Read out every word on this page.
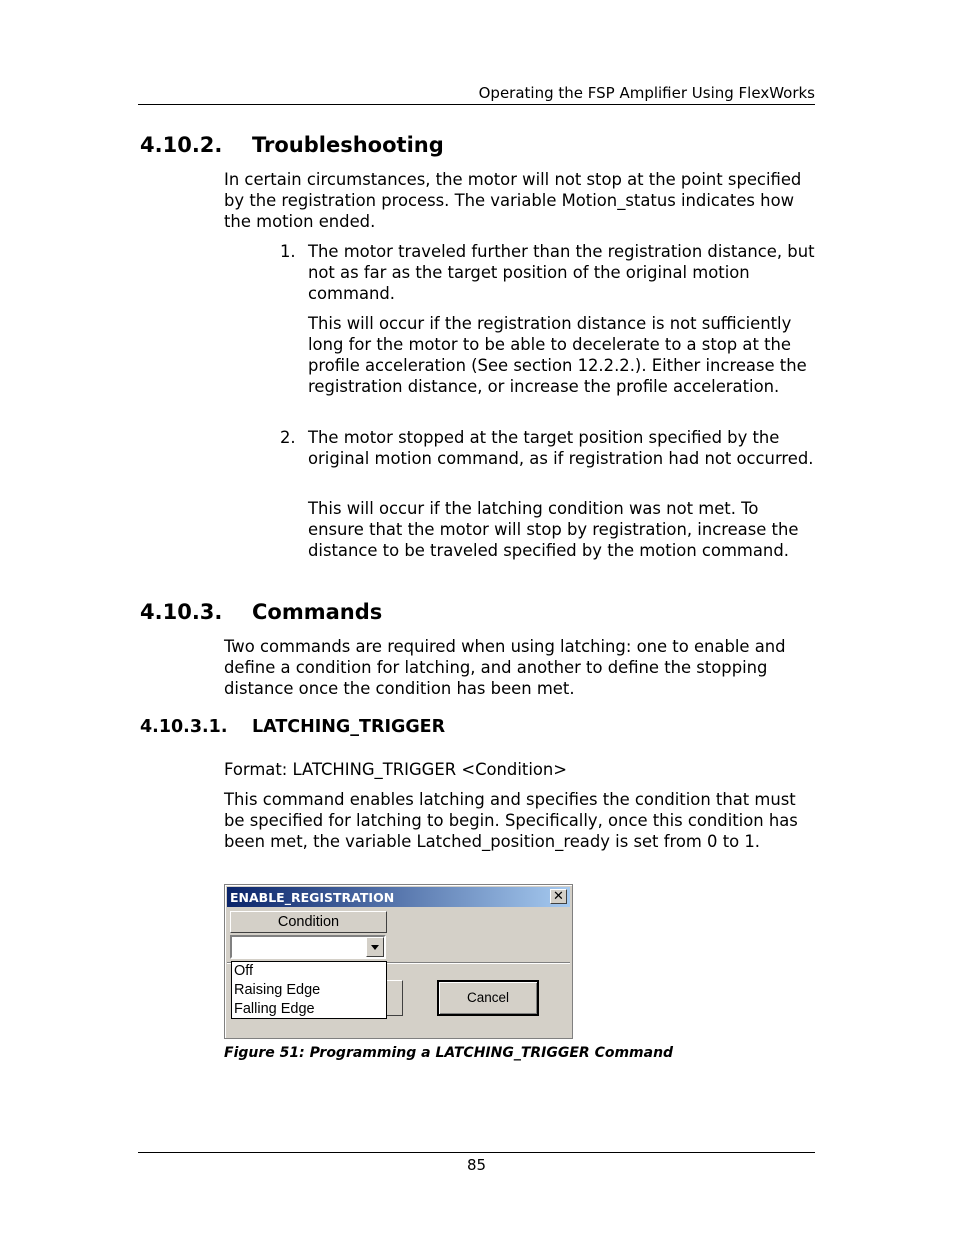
Operating the FSP Amplifier Using FlexWorks
4.10.2. Troubleshooting
In certain circumstances, the motor will not stop at the point specified by the registration process. The variable Motion_status indicates how the motion ended.
1. The motor traveled further than the registration distance, but not as far as the target position of the original motion command.
This will occur if the registration distance is not sufficiently long for the motor to be able to decelerate to a stop at the profile acceleration (See section 12.2.2.). Either increase the registration distance, or increase the profile acceleration.
2. The motor stopped at the target position specified by the original motion command, as if registration had not occurred.
This will occur if the latching condition was not met. To ensure that the motor will stop by registration, increase the distance to be traveled specified by the motion command.
4.10.3. Commands
Two commands are required when using latching: one to enable and define a condition for latching, and another to define the stopping distance once the condition has been met.
4.10.3.1. LATCHING_TRIGGER
Format: LATCHING_TRIGGER <Condition>
This command enables latching and specifies the condition that must be specified for latching to begin. Specifically, once this condition has been met, the variable Latched_position_ready is set from 0 to 1.
ENABLE_REGISTRATION	✕
Condition
Cancel
Off
Raising Edge
Falling Edge
Figure 51: Programming a LATCHING_TRIGGER Command
85
